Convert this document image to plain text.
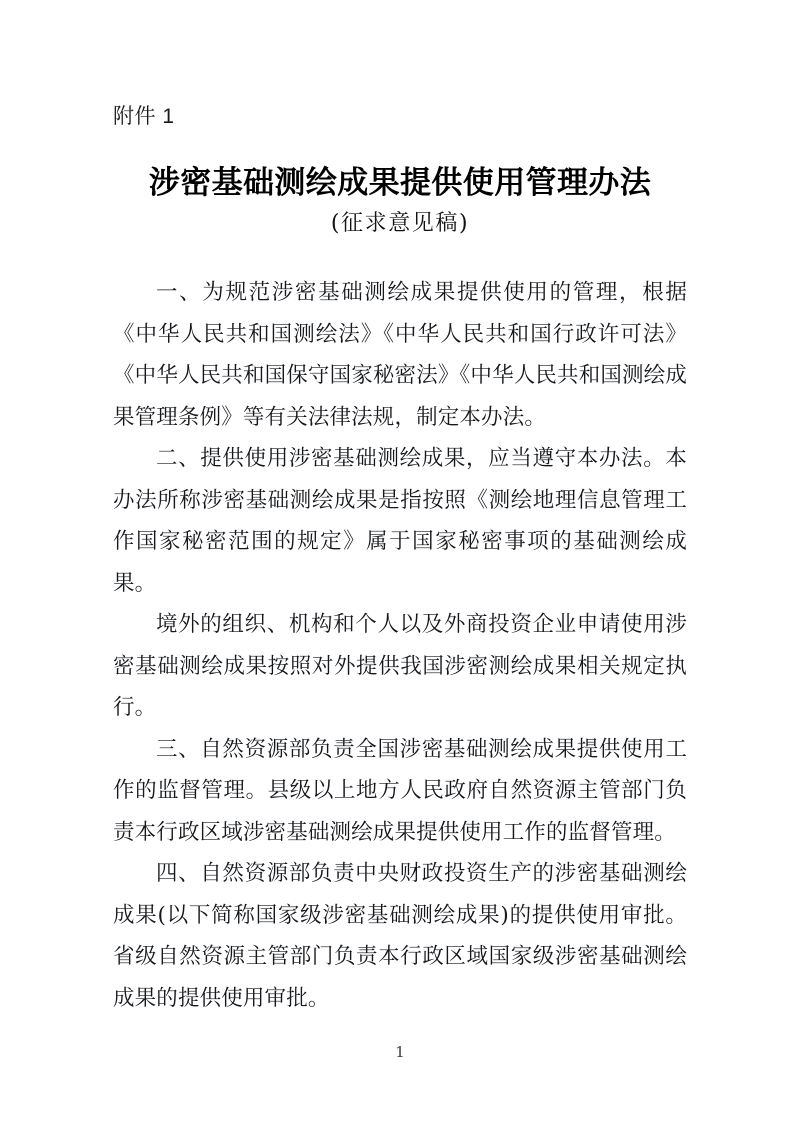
附件 1
涉密基础测绘成果提供使用管理办法
(征求意见稿)

一、为规范涉密基础测绘成果提供使用的管理，根据《中华人民共和国测绘法》《中华人民共和国行政许可法》《中华人民共和国保守国家秘密法》《中华人民共和国测绘成果管理条例》等有关法律法规，制定本办法。

二、提供使用涉密基础测绘成果，应当遵守本办法。本办法所称涉密基础测绘成果是指按照《测绘地理信息管理工作国家秘密范围的规定》属于国家秘密事项的基础测绘成果。

境外的组织、机构和个人以及外商投资企业申请使用涉密基础测绘成果按照对外提供我国涉密测绘成果相关规定执行。

三、自然资源部负责全国涉密基础测绘成果提供使用工作的监督管理。县级以上地方人民政府自然资源主管部门负责本行政区域涉密基础测绘成果提供使用工作的监督管理。

四、自然资源部负责中央财政投资生产的涉密基础测绘成果(以下简称国家级涉密基础测绘成果)的提供使用审批。省级自然资源主管部门负责本行政区域国家级涉密基础测绘成果的提供使用审批。

1
